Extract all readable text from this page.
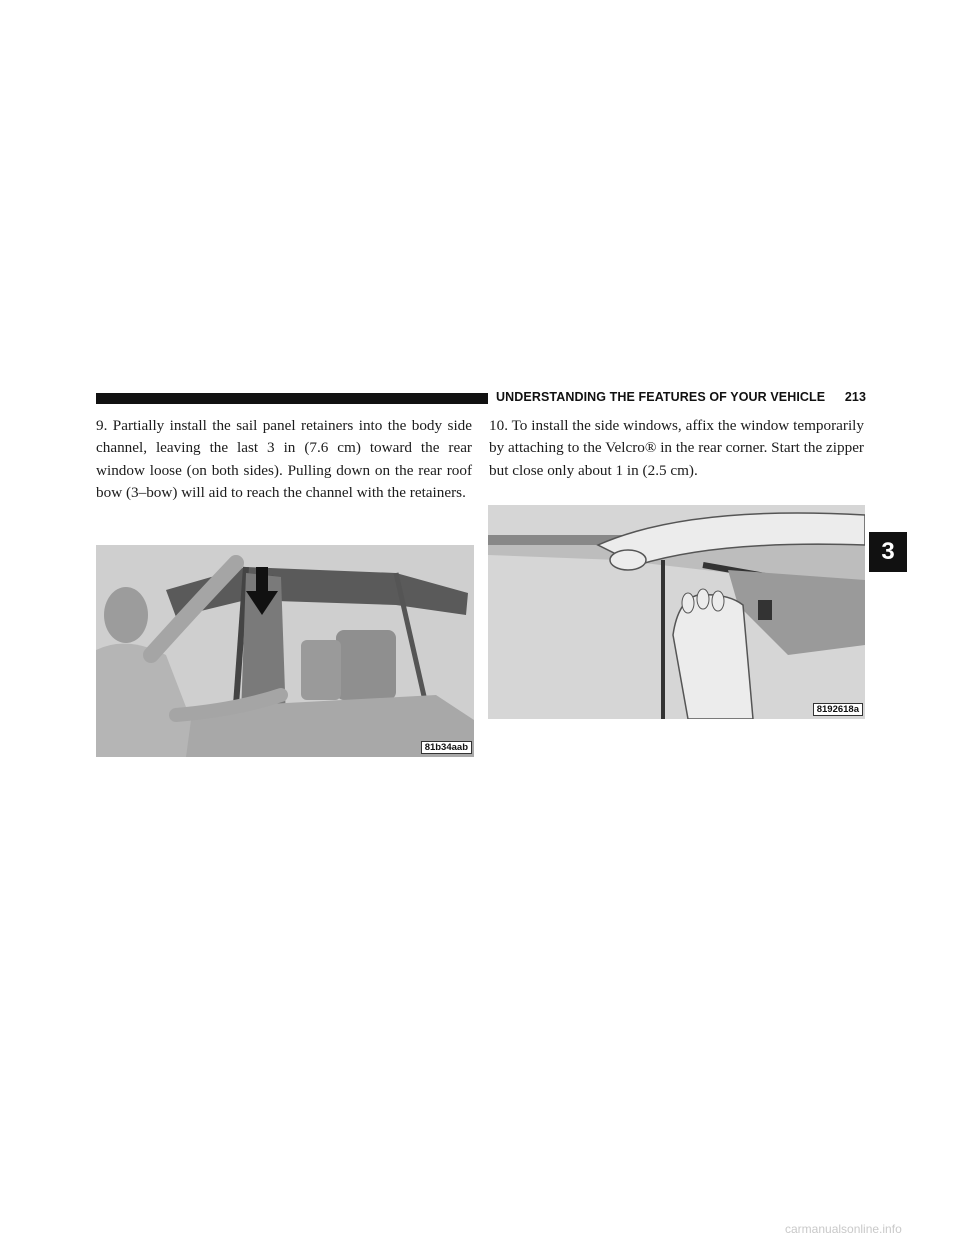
UNDERSTANDING THE FEATURES OF YOUR VEHICLE 213

9. Partially install the sail panel retainers into the body side channel, leaving the last 3 in (7.6 cm) toward the rear window loose (on both sides). Pulling down on the rear roof bow (3–bow) will aid to reach the channel with the retainers.

10. To install the side windows, affix the window temporarily by attaching to the Velcro® in the rear corner. Start the zipper but close only about 1 in (2.5 cm).

81b34aab
8192618a
3
carmanualsonline.info
